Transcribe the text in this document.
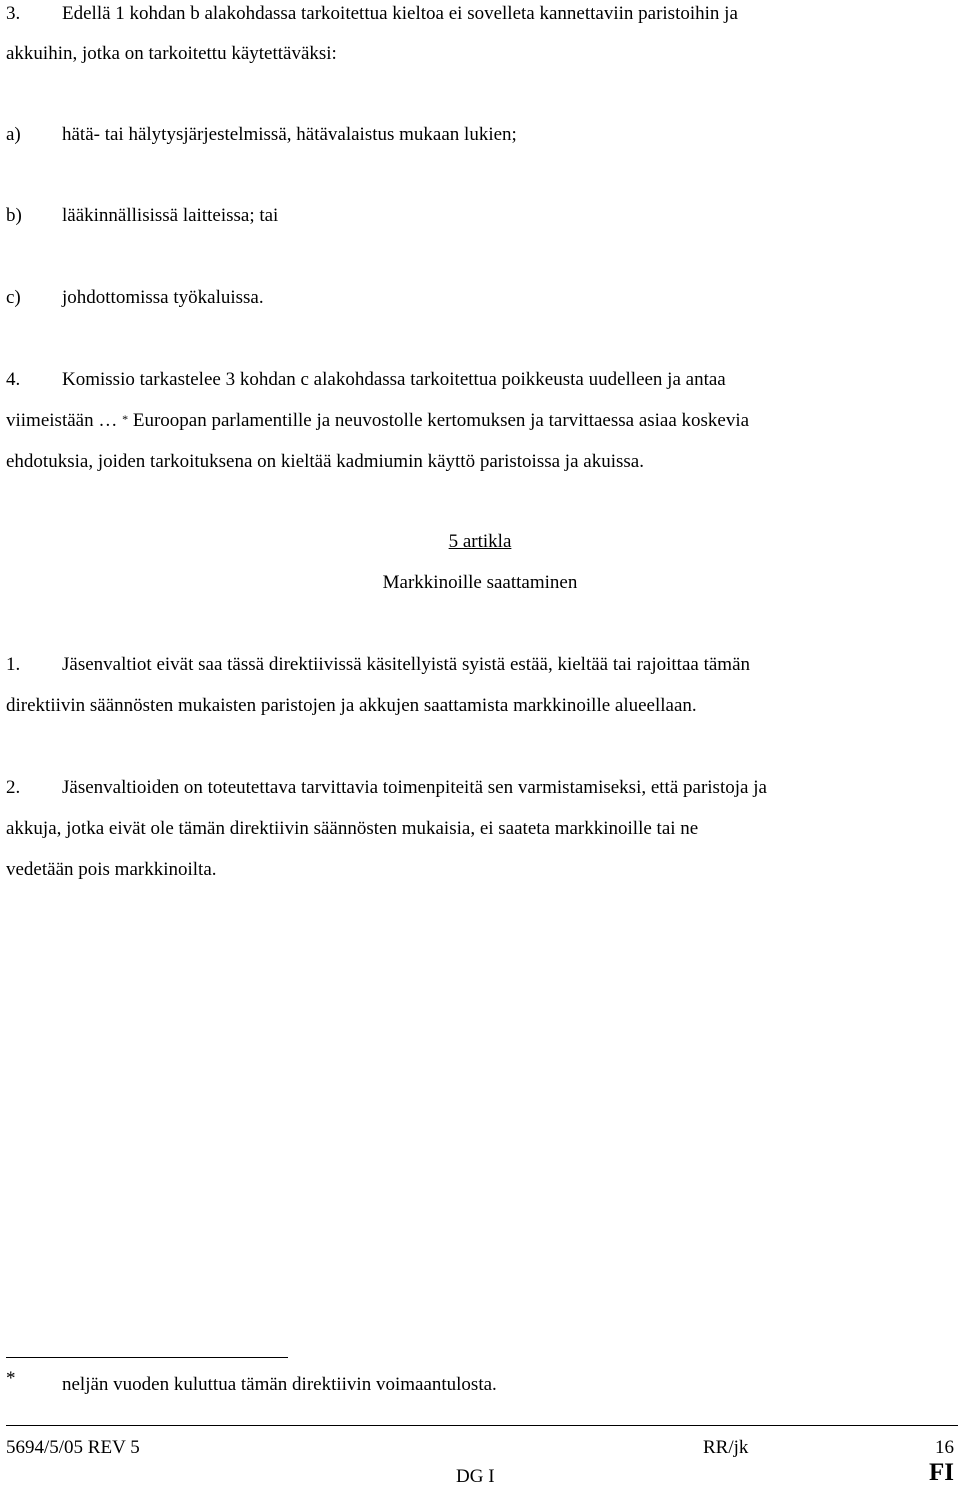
3. Edellä 1 kohdan b alakohdassa tarkoitettua kieltoa ei sovelleta kannettaviin paristoihin ja
akkuihin, jotka on tarkoitettu käytettäväksi:
a) hätä- tai hälytysjärjestelmissä, hätävalaistus mukaan lukien;
b) lääkinnällisissä laitteissa; tai
c) johdottomissa työkaluissa.
4. Komissio tarkastelee 3 kohdan c alakohdassa tarkoitettua poikkeusta uudelleen ja antaa
viimeistään … * Euroopan parlamentille ja neuvostolle kertomuksen ja tarvittaessa asiaa koskevia
ehdotuksia, joiden tarkoituksena on kieltää kadmiumin käyttö paristoissa ja akuissa.
5 artikla
Markkinoille saattaminen
1. Jäsenvaltiot eivät saa tässä direktiivissä käsitellyistä syistä estää, kieltää tai rajoittaa tämän
direktiivin säännösten mukaisten paristojen ja akkujen saattamista markkinoille alueellaan.
2. Jäsenvaltioiden on toteutettava tarvittavia toimenpiteitä sen varmistamiseksi, että paristoja ja
akkuja, jotka eivät ole tämän direktiivin säännösten mukaisia, ei saateta markkinoille tai ne
vedetään pois markkinoilta.
* neljän vuoden kuluttua tämän direktiivin voimaantulosta.
5694/5/05 REV 5	RR/jk	16
DG I	FI
